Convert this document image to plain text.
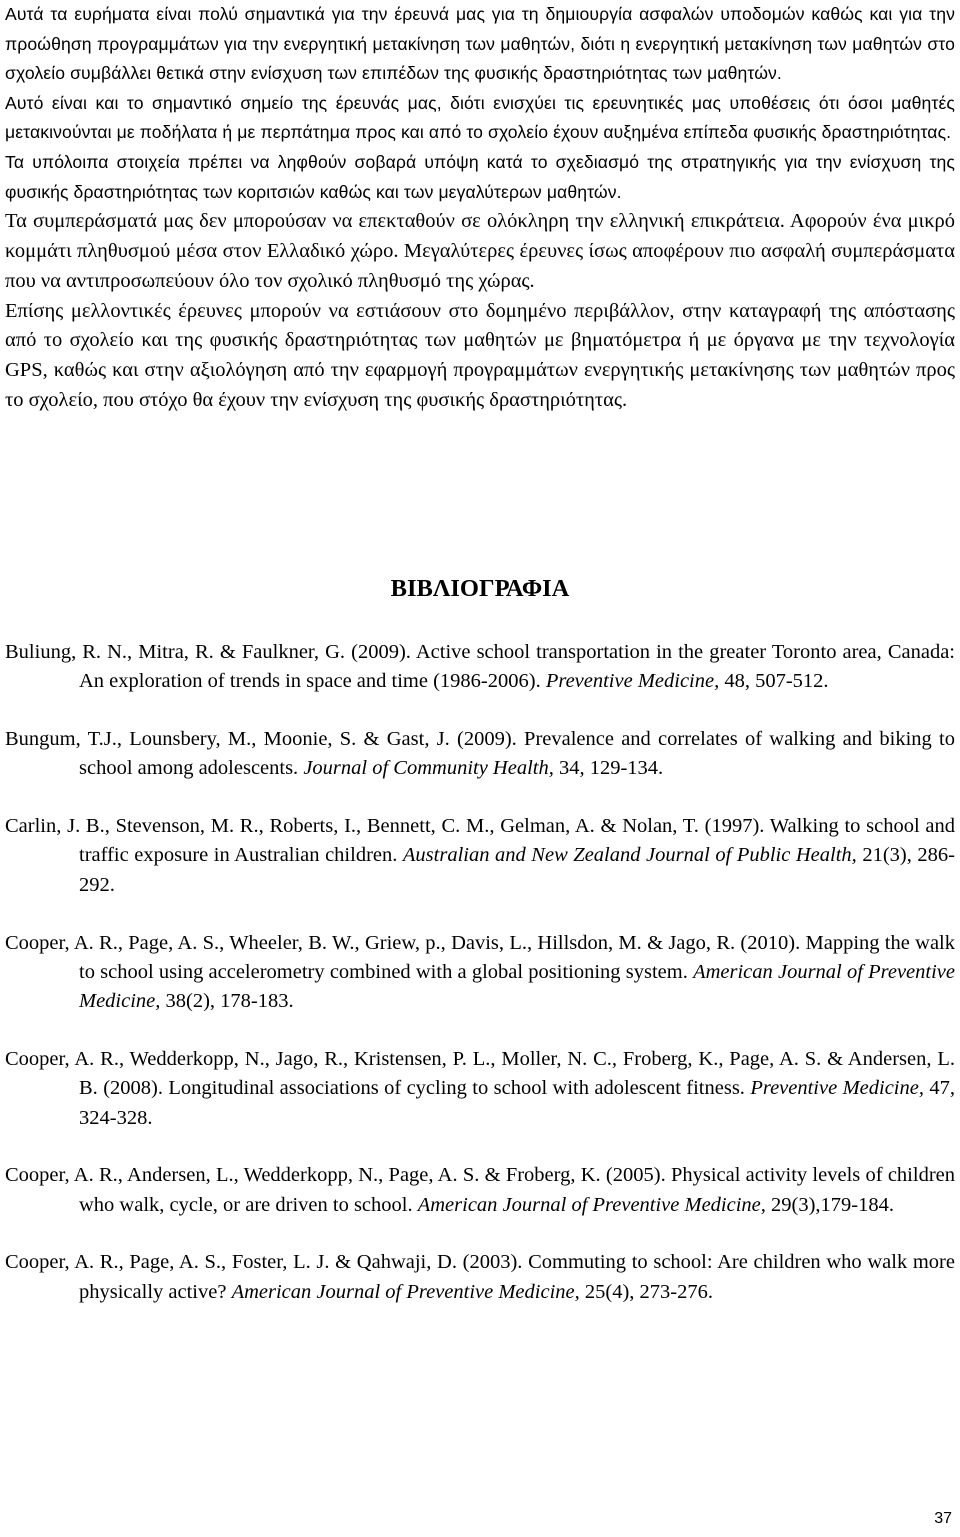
Αυτά τα ευρήματα είναι πολύ σημαντικά για την έρευνά μας για τη δημιουργία ασφαλών υποδομών καθώς και για την προώθηση προγραμμάτων για την ενεργητική μετακίνηση των μαθητών, διότι η ενεργητική μετακίνηση των μαθητών στο σχολείο συμβάλλει θετικά στην ενίσχυση των επιπέδων της φυσικής δραστηριότητας των μαθητών.

Αυτό είναι και το σημαντικό σημείο της έρευνάς μας, διότι ενισχύει τις ερευνητικές μας υποθέσεις ότι όσοι μαθητές μετακινούνται με ποδήλατα ή με περπάτημα προς και από το σχολείο έχουν αυξημένα επίπεδα φυσικής δραστηριότητας.

Τα υπόλοιπα στοιχεία πρέπει να ληφθούν σοβαρά υπόψη κατά το σχεδιασμό της στρατηγικής για την ενίσχυση της φυσικής δραστηριότητας των κοριτσιών καθώς και των μεγαλύτερων μαθητών.

Τα συμπεράσματά μας δεν μπορούσαν να επεκταθούν σε ολόκληρη την ελληνική επικράτεια. Αφορούν ένα μικρό κομμάτι πληθυσμού μέσα στον Ελλαδικό χώρο. Μεγαλύτερες έρευνες ίσως αποφέρουν πιο ασφαλή συμπεράσματα που να αντιπροσωπεύουν όλο τον σχολικό πληθυσμό της χώρας.

Επίσης μελλοντικές έρευνες μπορούν να εστιάσουν στο δομημένο περιβάλλον, στην καταγραφή της απόστασης από το σχολείο και της φυσικής δραστηριότητας των μαθητών με βηματόμετρα ή με όργανα με την τεχνολογία GPS, καθώς και στην αξιολόγηση από την εφαρμογή προγραμμάτων ενεργητικής μετακίνησης των μαθητών προς το σχολείο, που στόχο θα έχουν την ενίσχυση της φυσικής δραστηριότητας.

ΒΙΒΛΙΟΓΡΑΦΙΑ
Buliung, R. N., Mitra, R. & Faulkner, G. (2009). Active school transportation in the greater Toronto area, Canada: An exploration of trends in space and time (1986-2006). Preventive Medicine, 48, 507-512.
Bungum, T.J., Lounsbery, M., Moonie, S. & Gast, J. (2009). Prevalence and correlates of walking and biking to school among adolescents. Journal of Community Health, 34, 129-134.
Carlin, J. B., Stevenson, M. R., Roberts, I., Bennett, C. M., Gelman, A. & Nolan, T. (1997). Walking to school and traffic exposure in Australian children. Australian and New Zealand Journal of Public Health, 21(3), 286-292.
Cooper, A. R., Page, A. S., Wheeler, B. W., Griew, p., Davis, L., Hillsdon, M. & Jago, R. (2010). Mapping the walk to school using accelerometry combined with a global positioning system. American Journal of Preventive Medicine, 38(2), 178-183.
Cooper, A. R., Wedderkopp, N., Jago, R., Kristensen, P. L., Moller, N. C., Froberg, K., Page, A. S. & Andersen, L. B. (2008). Longitudinal associations of cycling to school with adolescent fitness. Preventive Medicine, 47, 324-328.
Cooper, A. R., Andersen, L., Wedderkopp, N., Page, A. S. & Froberg, K. (2005). Physical activity levels of children who walk, cycle, or are driven to school. American Journal of Preventive Medicine, 29(3),179-184.
Cooper, A. R., Page, A. S., Foster, L. J. & Qahwaji, D. (2003). Commuting to school: Are children who walk more physically active? American Journal of Preventive Medicine, 25(4), 273-276.
37
